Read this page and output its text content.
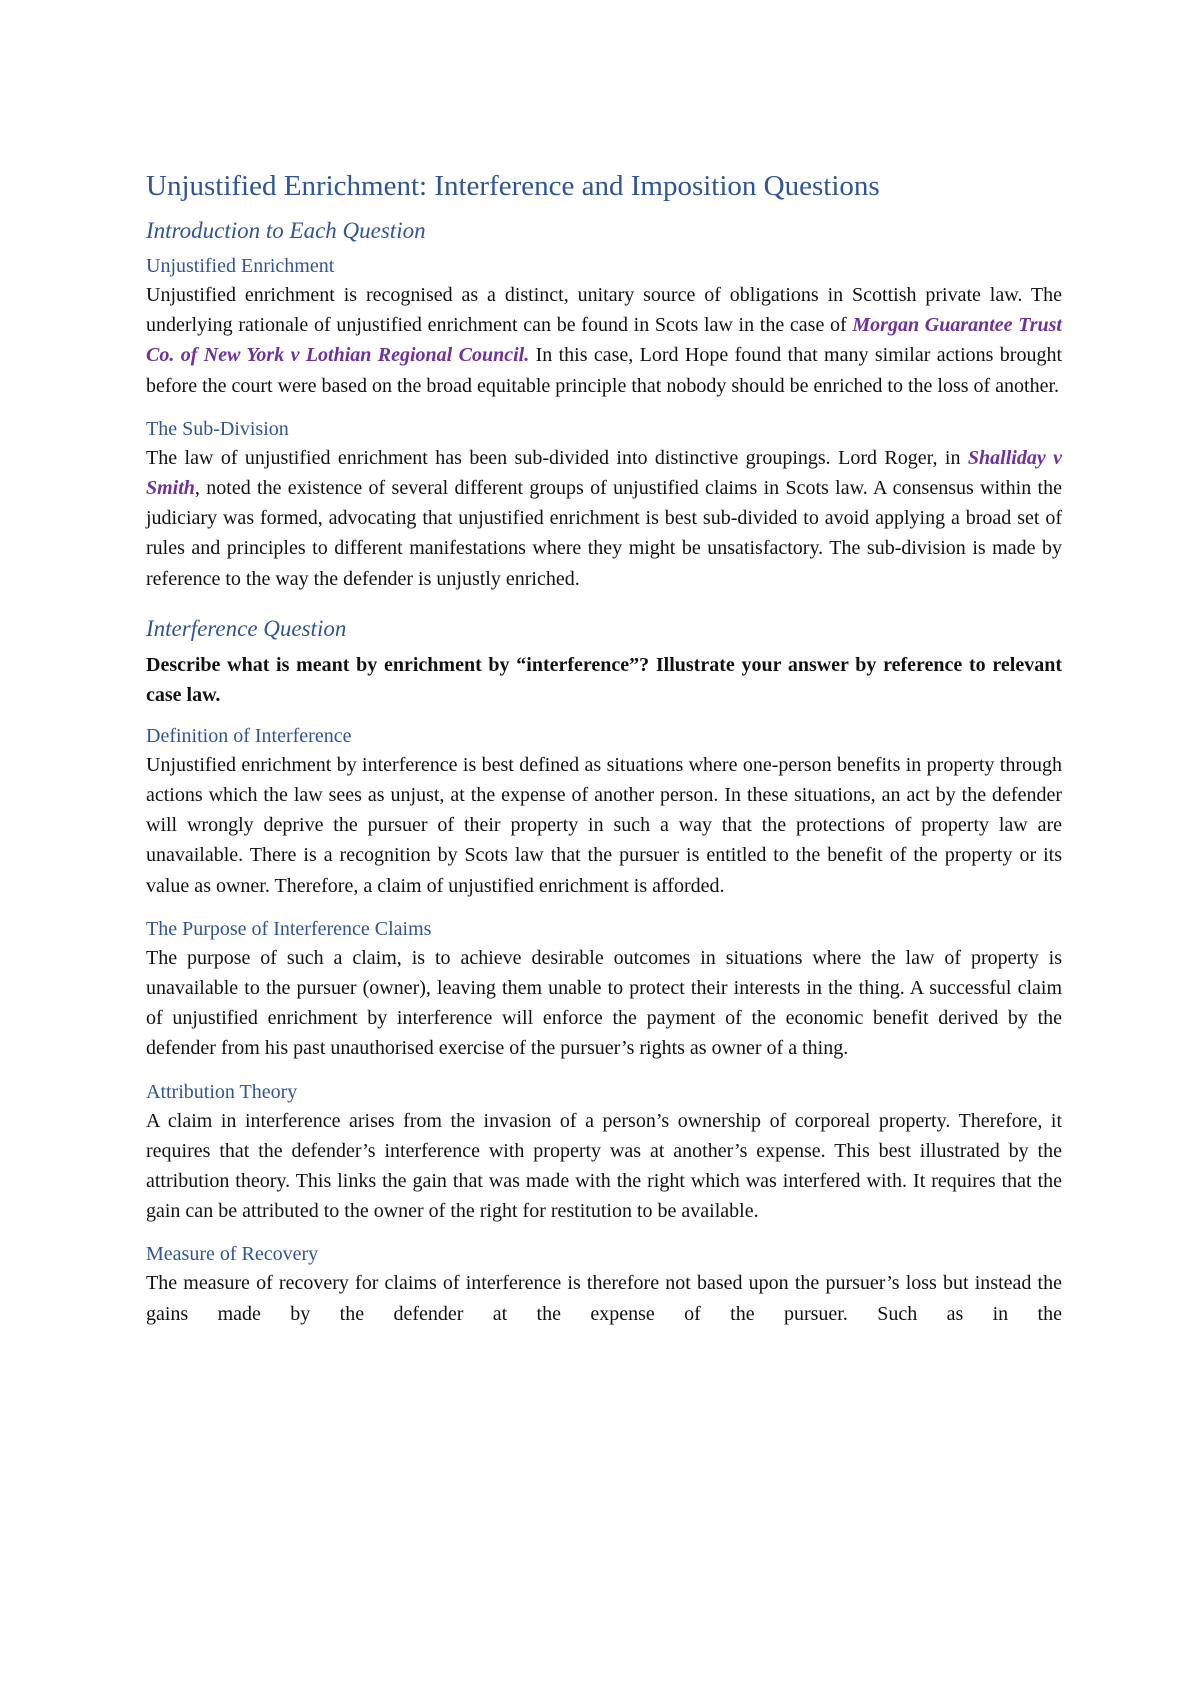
Unjustified Enrichment: Interference and Imposition Questions
Introduction to Each Question
Unjustified Enrichment

Unjustified enrichment is recognised as a distinct, unitary source of obligations in Scottish private law. The underlying rationale of unjustified enrichment can be found in Scots law in the case of Morgan Guarantee Trust Co. of New York v Lothian Regional Council. In this case, Lord Hope found that many similar actions brought before the court were based on the broad equitable principle that nobody should be enriched to the loss of another.

The Sub-Division

The law of unjustified enrichment has been sub-divided into distinctive groupings. Lord Roger, in Shalliday v Smith, noted the existence of several different groups of unjustified claims in Scots law. A consensus within the judiciary was formed, advocating that unjustified enrichment is best sub-divided to avoid applying a broad set of rules and principles to different manifestations where they might be unsatisfactory. The sub-division is made by reference to the way the defender is unjustly enriched.

Interference Question

Describe what is meant by enrichment by “interference”? Illustrate your answer by reference to relevant case law.

Definition of Interference

Unjustified enrichment by interference is best defined as situations where one-person benefits in property through actions which the law sees as unjust, at the expense of another person. In these situations, an act by the defender will wrongly deprive the pursuer of their property in such a way that the protections of property law are unavailable. There is a recognition by Scots law that the pursuer is entitled to the benefit of the property or its value as owner. Therefore, a claim of unjustified enrichment is afforded.

The Purpose of Interference Claims

The purpose of such a claim, is to achieve desirable outcomes in situations where the law of property is unavailable to the pursuer (owner), leaving them unable to protect their interests in the thing. A successful claim of unjustified enrichment by interference will enforce the payment of the economic benefit derived by the defender from his past unauthorised exercise of the pursuer’s rights as owner of a thing.

Attribution Theory

A claim in interference arises from the invasion of a person’s ownership of corporeal property. Therefore, it requires that the defender’s interference with property was at another’s expense. This best illustrated by the attribution theory. This links the gain that was made with the right which was interfered with. It requires that the gain can be attributed to the owner of the right for restitution to be available.

Measure of Recovery

The measure of recovery for claims of interference is therefore not based upon the pursuer’s loss but instead the gains made by the defender at the expense of the pursuer. Such as in the
